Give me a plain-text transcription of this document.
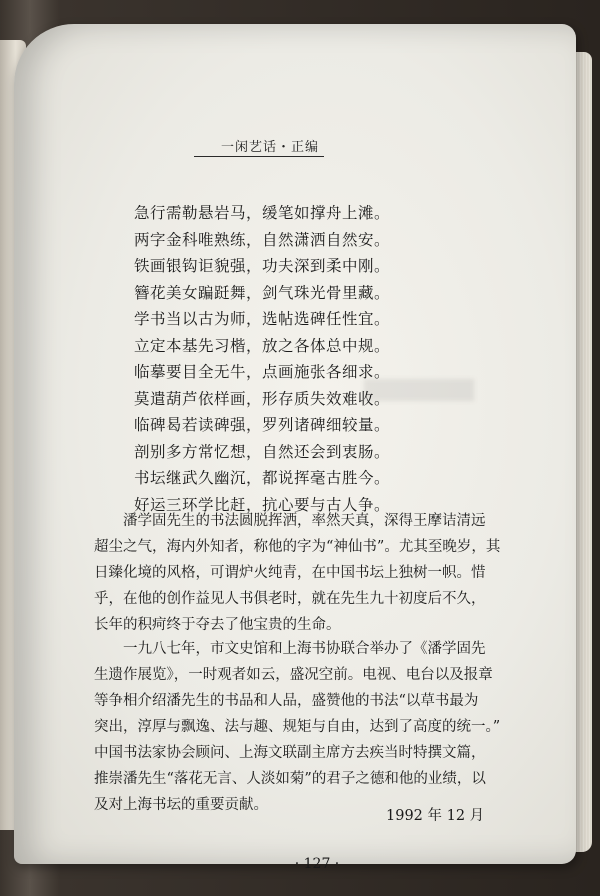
一闲艺话・正编
急行需勒悬岩马，缓笔如撑舟上滩。
两字金科唯熟练，自然潇洒自然安。
铁画银钩讵貌强，功夫深到柔中刚。
簪花美女蹁跹舞，剑气珠光骨里藏。
学书当以古为师，选帖选碑任性宜。
立定本基先习楷，放之各体总中规。
临摹要目全无牛，点画施张各细求。
莫遣葫芦依样画，形存质失效难收。
临碑曷若读碑强，罗列诸碑细较量。
剖别多方常忆想，自然还会到衷肠。
书坛继武久幽沉，都说挥毫古胜今。
好运三环学比赶，抗心要与古人争。

　　潘学固先生的书法圆脱挥洒，率然天真，深得王摩诘清远
超尘之气，海内外知者，称他的字为“神仙书”。尤其至晚岁，其
日臻化境的风格，可谓炉火纯青，在中国书坛上独树一帜。惜
乎，在他的创作益见人书俱老时，就在先生九十初度后不久，
长年的积疴终于夺去了他宝贵的生命。

　　一九八七年，市文史馆和上海书协联合举办了《潘学固先
生遗作展览》，一时观者如云，盛况空前。电视、电台以及报章
等争相介绍潘先生的书品和人品，盛赞他的书法“以草书最为
突出，淳厚与飘逸、法与趣、规矩与自由，达到了高度的统一。”
中国书法家协会顾问、上海文联副主席方去疾当时特撰文篇，
推崇潘先生“落花无言、人淡如菊”的君子之德和他的业绩，以
及对上海书坛的重要贡献。

1992 年 12 月
· 127 ·
